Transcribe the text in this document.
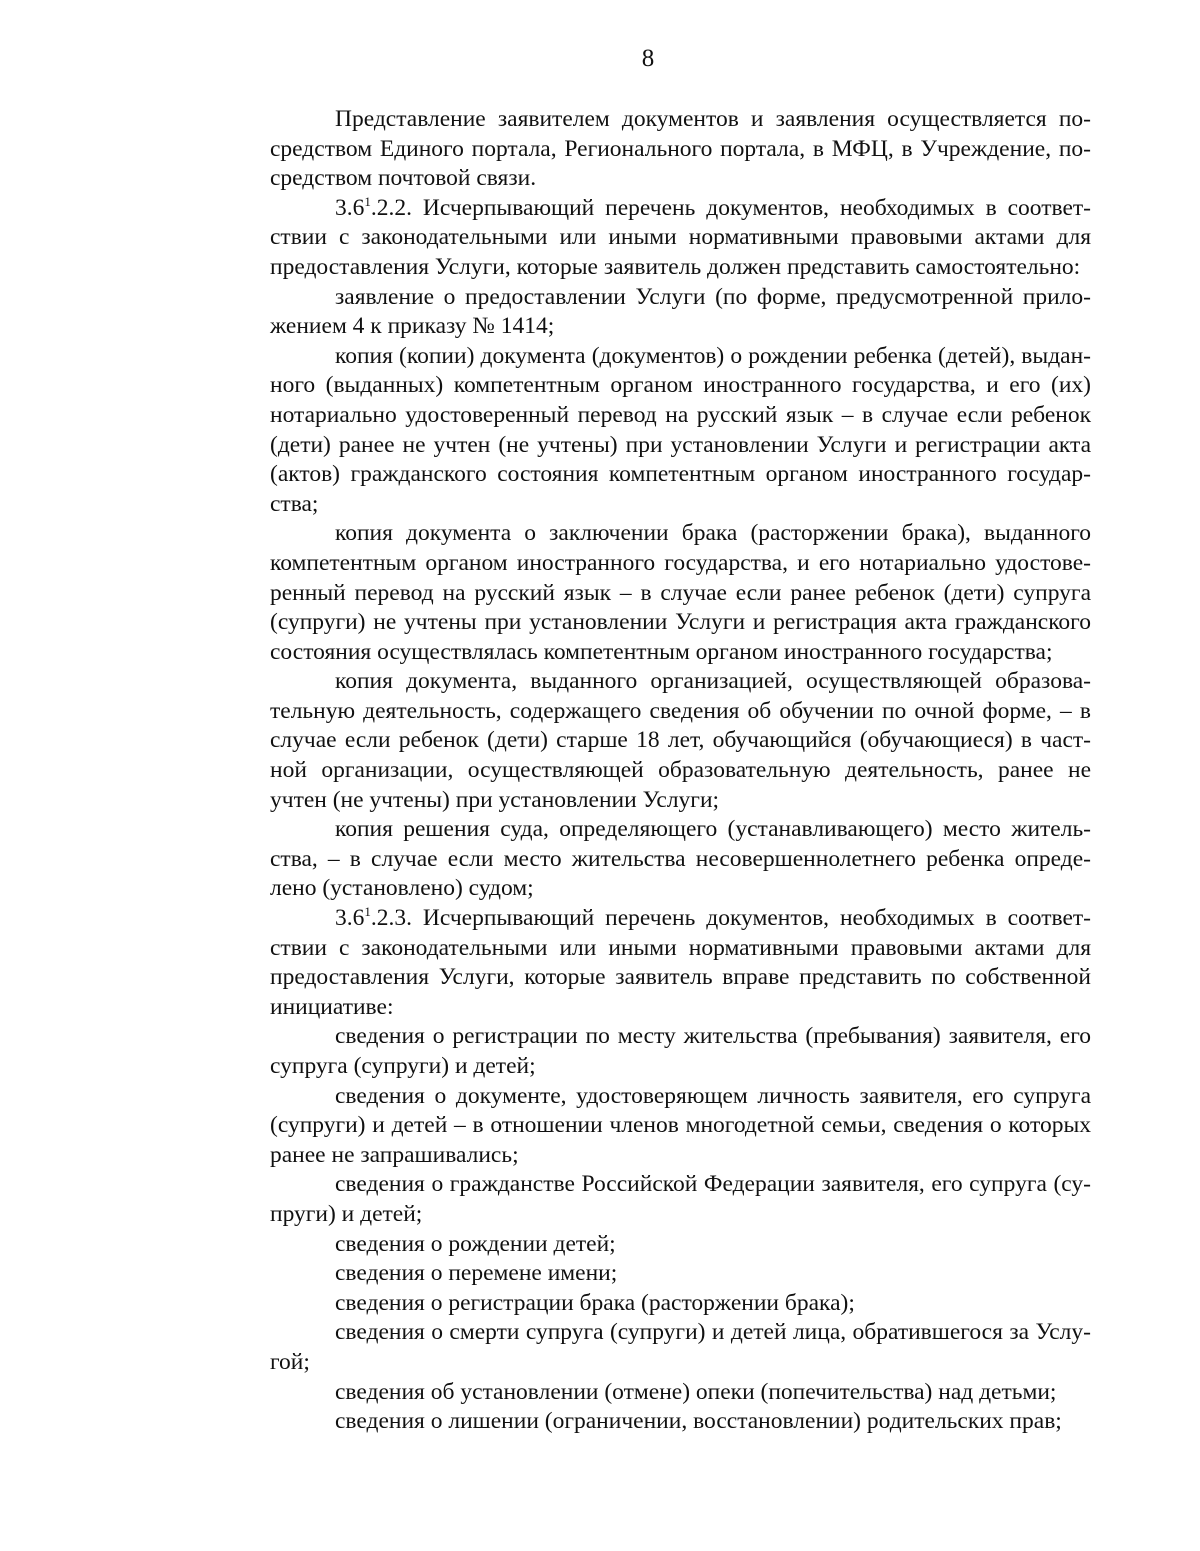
8

Представление заявителем документов и заявления осуществляется по-
средством Единого портала, Регионального портала, в МФЦ, в Учреждение, по-
средством почтовой связи.

$3.6^1.2.2$. Исчерпывающий перечень документов, необходимых в соответ-
ствии с законодательными или иными нормативными правовыми актами для
предоставления Услуги, которые заявитель должен представить самостоятельно:

заявление о предоставлении Услуги (по форме, предусмотренной прило-
жением 4 к приказу № 1414;

копия (копии) документа (документов) о рождении ребенка (детей), выдан-
ного (выданных) компетентным органом иностранного государства, и его (их)
нотариально удостоверенный перевод на русский язык – в случае если ребенок
(дети) ранее не учтен (не учтены) при установлении Услуги и регистрации акта
(актов) гражданского состояния компетентным органом иностранного государ-
ства;

копия документа о заключении брака (расторжении брака), выданного
компетентным органом иностранного государства, и его нотариально удостове-
ренный перевод на русский язык – в случае если ранее ребенок (дети) супруга
(супруги) не учтены при установлении Услуги и регистрация акта гражданского
состояния осуществлялась компетентным органом иностранного государства;

копия документа, выданного организацией, осуществляющей образова-
тельную деятельность, содержащего сведения об обучении по очной форме, – в
случае если ребенок (дети) старше 18 лет, обучающийся (обучающиеся) в част-
ной организации, осуществляющей образовательную деятельность, ранее не
учтен (не учтены) при установлении Услуги;

копия решения суда, определяющего (устанавливающего) место житель-
ства, – в случае если место жительства несовершеннолетнего ребенка опреде-
лено (установлено) судом;

$3.6^1.2.3$. Исчерпывающий перечень документов, необходимых в соответ-
ствии с законодательными или иными нормативными правовыми актами для
предоставления Услуги, которые заявитель вправе представить по собственной
инициативе:

сведения о регистрации по месту жительства (пребывания) заявителя, его
супруга (супруги) и детей;

сведения о документе, удостоверяющем личность заявителя, его супруга
(супруги) и детей – в отношении членов многодетной семьи, сведения о которых
ранее не запрашивались;

сведения о гражданстве Российской Федерации заявителя, его супруга (су-
пруги) и детей;

сведения о рождении детей;

сведения о перемене имени;

сведения о регистрации брака (расторжении брака);

сведения о смерти супруга (супруги) и детей лица, обратившегося за Услу-
гой;

сведения об установлении (отмене) опеки (попечительства) над детьми;

сведения о лишении (ограничении, восстановлении) родительских прав;
